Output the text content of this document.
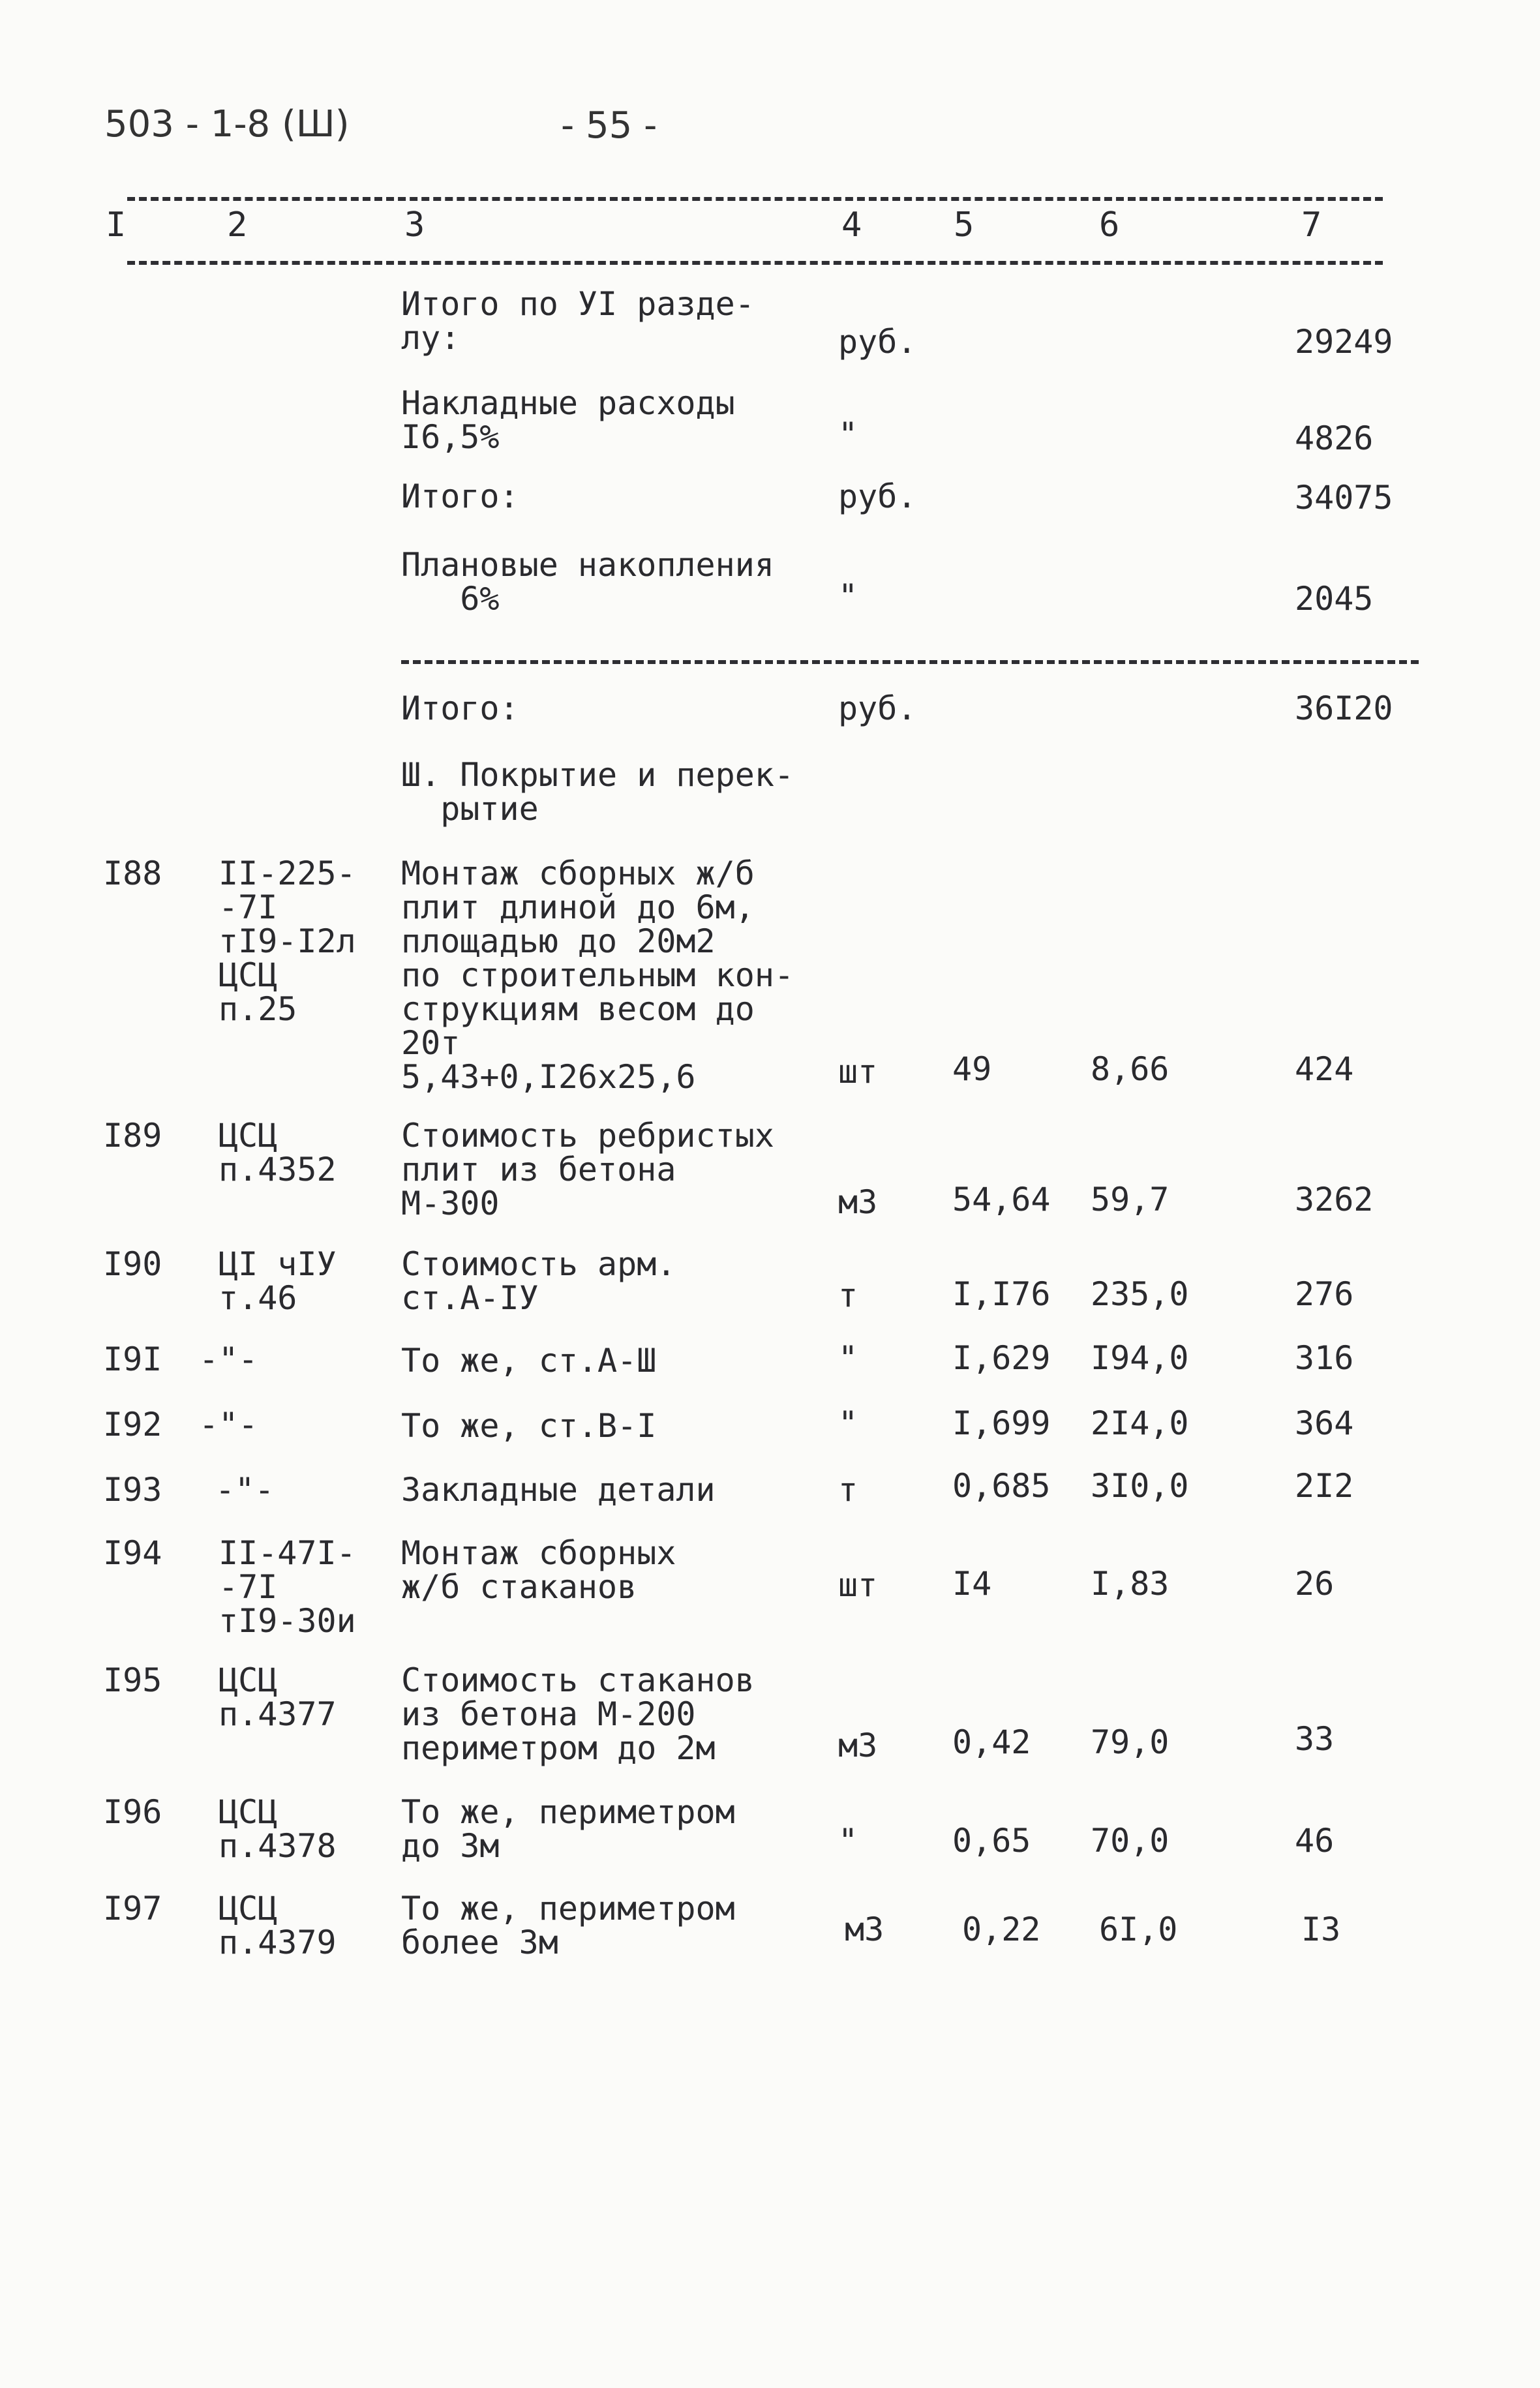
503 - 1-8 (Ш)	- 55 -
I	2	3	4	5	6	7
Итого по УI разде-
лу:	руб.	29249
Накладные расходы
I6,5%	"	4826
Итого:	руб.	34075
Плановые накопления
6%	"	2045
Итого:	руб.	36I20
Ш. Покрытие и перек-
рытие
I88 II-225-
-7I
тI9-I2л
ЦСЦ
п.25
Монтаж сборных ж/б
плит длиной до 6м,
площадью до 20м2
по строительным кон-
струкциям весом до
20т
5,43+0,I26х25,6	шт 49	8,66	424
I89 ЦСЦ
п.4352
Стоимость ребристых
плит из бетона
М-300	м3 54,64 59,7	3262
I90 ЦI чIУ
т.46
Стоимость арм.
ст.А-IУ	т	I,I76 235,0	276
I9I -"-	То же, ст.А-Ш	"	I,629 I94,0	316
I92 -"-	То же, ст.В-I	"	I,699 2I4,0	364
I93 -"-	Закладные детали	т	0,685 3I0,0	2I2
I94 II-47I-
-7I
тI9-30и
Монтаж сборных
ж/б стаканов	шт I4	I,83	26
I95 ЦСЦ
п.4377
Стоимость стаканов
из бетона М-200
периметром до 2м	м3 0,42 79,0	33
I96 ЦСЦ
п.4378
То же, периметром
до 3м	"	0,65 70,0	46
I97 ЦСЦ
п.4379
То же, периметром
более 3м	м3 0,22 6I,0	I3
